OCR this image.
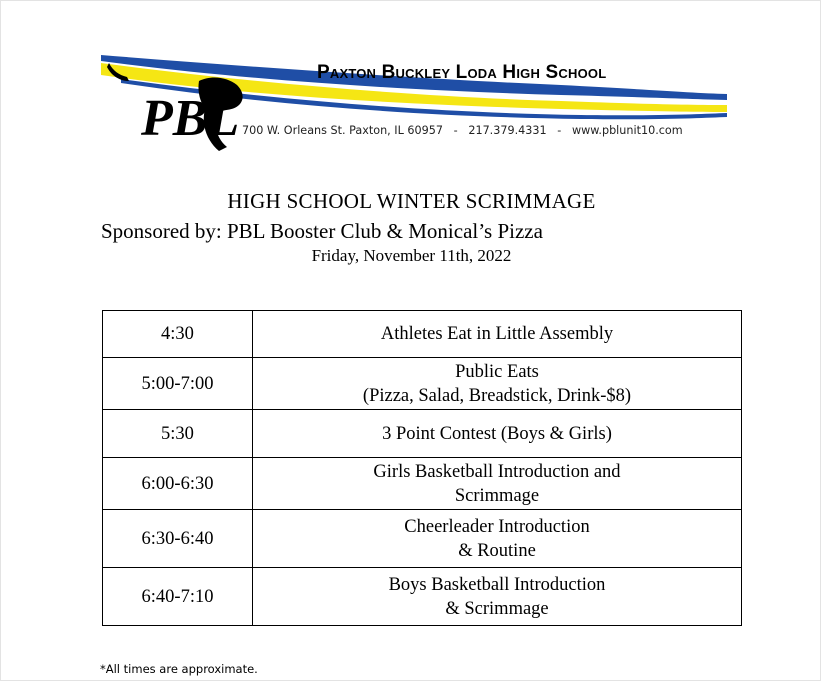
PBL
Paxton Buckley Loda High School
700 W. Orleans St. Paxton, IL 60957   -   217.379.4331   -   www.pblunit10.com
HIGH SCHOOL WINTER SCRIMMAGE
Sponsored by: PBL Booster Club & Monical’s Pizza
Friday, November 11th, 2022
4:30	Athletes Eat in Little Assembly

5:00-7:00	Public Eats
(Pizza, Salad, Breadstick, Drink-$8)

5:30	3 Point Contest (Boys & Girls)

6:00-6:30	Girls Basketball Introduction and
Scrimmage

6:30-6:40	Cheerleader Introduction
& Routine

6:40-7:10	Boys Basketball Introduction
& Scrimmage
*All times are approximate.
